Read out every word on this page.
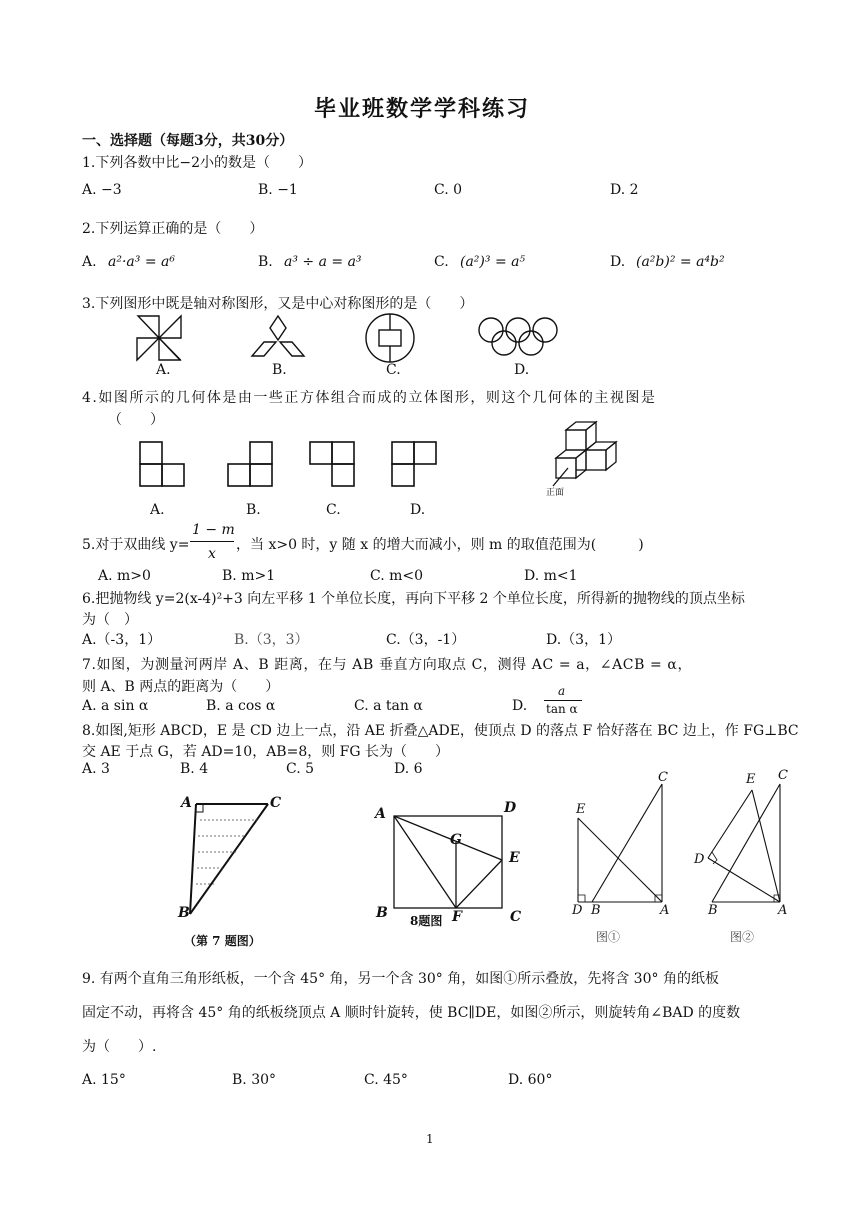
毕业班数学学科练习
一、选择题（每题3分，共30分）
1.下列各数中比−2小的数是（　　）
A. −3	B. −1	C. 0	D. 2
2.下列运算正确的是（　　）
A. a²·a³ = a⁶	B. a³ ÷ a = a³	C. (a²)³ = a⁵	D. (a²b)² = a⁴b²
3.下列图形中既是轴对称图形，又是中心对称图形的是（　　）
A.	B.	C.	D.
4.如图所示的几何体是由一些正方体组合而成的立体图形，则这个几何体的主视图是
（　　）
A.	B.	C.	D.
正面
5.对于双曲线 y=
1 − m
x
，当 x>0 时，y 随 x 的增大而减小，则 m 的取值范围为(　　　)
A. m>0	B. m>1	C. m<0	D. m<1
6.把抛物线 y=2(x-4)²+3 向左平移 1 个单位长度，再向下平移 2 个单位长度，所得新的抛物线的顶点坐标
为（　）
A.（-3，1）	B.（3，3）	C.（3，-1）	D.（3，1）
7.如图，为测量河两岸 A、B 距离，在与 AB 垂直方向取点 C，测得 AC = a，∠ACB = α，
则 A、B 两点的距离为（　　）
A. a sin α	B. a cos α	C. a tan α	D.
a
tan α
8.如图,矩形 ABCD，E 是 CD 边上一点，沿 AE 折叠△ADE，使顶点 D 的落点 F 恰好落在 BC 边上，作 FG⊥BC
交 AE 于点 G，若 AD=10，AB=8，则 FG 长为（　　）
A. 3	B. 4	C. 5	D. 6
A	C
B
（第 7 题图）
A	D
G
E
B	F	C
8题图
E
C
D B	A
图①
E C
D
B	A
图②
9. 有两个直角三角形纸板，一个含 45° 角，另一个含 30° 角，如图①所示叠放，先将含 30° 角的纸板
固定不动，再将含 45° 角的纸板绕顶点 A 顺时针旋转，使 BC∥DE，如图②所示，则旋转角∠BAD 的度数
为（　　）.
A. 15°	B. 30°	C. 45°	D. 60°
1
